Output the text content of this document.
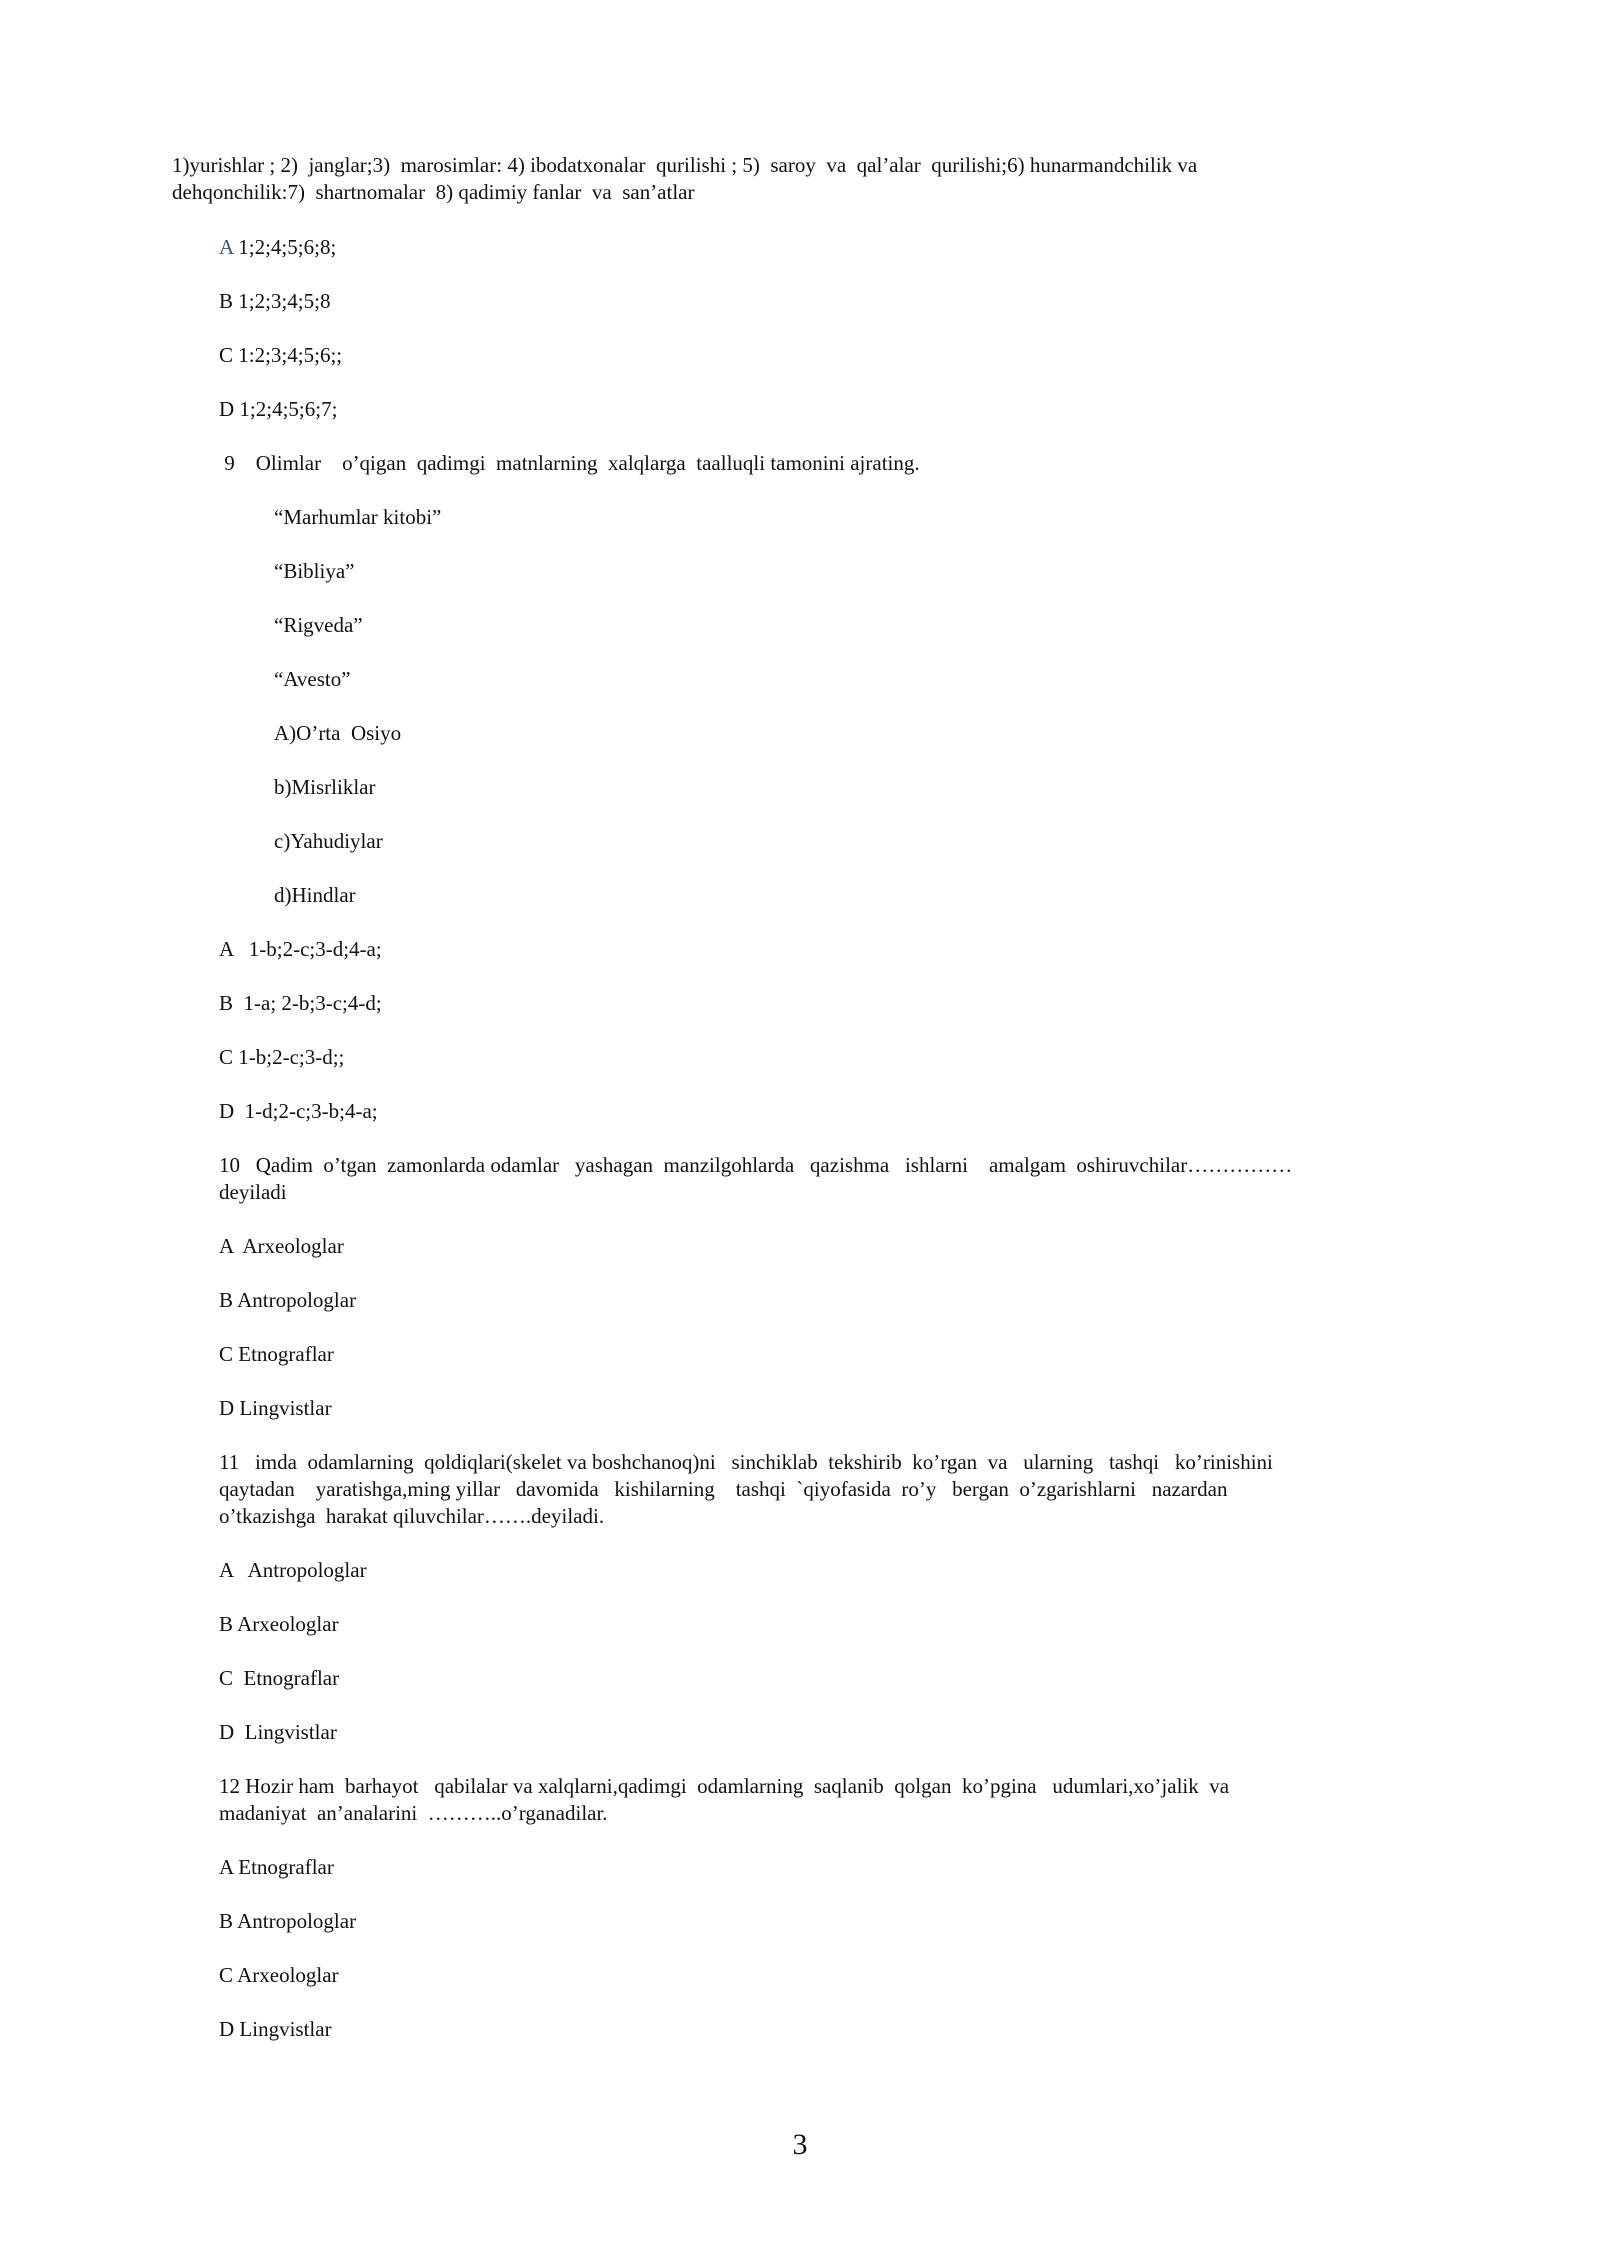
1)yurishlar ; 2)  janglar;3)  marosimlar: 4) ibodatxonalar  qurilishi ; 5)  saroy  va  qal’alar  qurilishi;6) hunarmandchilik va
dehqonchilik:7)  shartnomalar  8) qadimiy fanlar  va  san’atlar
A 1;2;4;5;6;8;
B 1;2;3;4;5;8
C 1:2;3;4;5;6;;
D 1;2;4;5;6;7;
9    Olimlar    o’qigan  qadimgi  matnlarning  xalqlarga  taalluqli tamonini ajrating.
“Marhumlar kitobi”
“Bibliya”
“Rigveda”
“Avesto”
A)O’rta  Osiyo
b)Misrliklar
c)Yahudiylar
d)Hindlar
A   1-b;2-c;3-d;4-a;
B  1-a; 2-b;3-c;4-d;
C 1-b;2-c;3-d;;
D  1-d;2-c;3-b;4-a;
10   Qadim  o’tgan  zamonlarda odamlar   yashagan  manzilgohlarda   qazishma   ishlarni    amalgam  oshiruvchilar……………
deyiladi
A  Arxeologlar
B Antropologlar
C Etnograflar
D Lingvistlar
11   imda  odamlarning  qoldiqlari(skelet va boshchanoq)ni   sinchiklab  tekshirib  ko’rgan  va   ularning   tashqi   ko’rinishini
qaytadan    yaratishga,ming yillar   davomida   kishilarning    tashqi  `qiyofasida  ro’y   bergan  o’zgarishlarni   nazardan
o’tkazishga  harakat qiluvchilar…….deyiladi.
A   Antropologlar
B Arxeologlar
C  Etnograflar
D  Lingvistlar
12 Hozir ham  barhayot   qabilalar va xalqlarni,qadimgi  odamlarning  saqlanib  qolgan  ko’pgina   udumlari,xo’jalik  va
madaniyat  an’analarini  ………..o’rganadilar.
A Etnograflar
B Antropologlar
C Arxeologlar
D Lingvistlar
3
